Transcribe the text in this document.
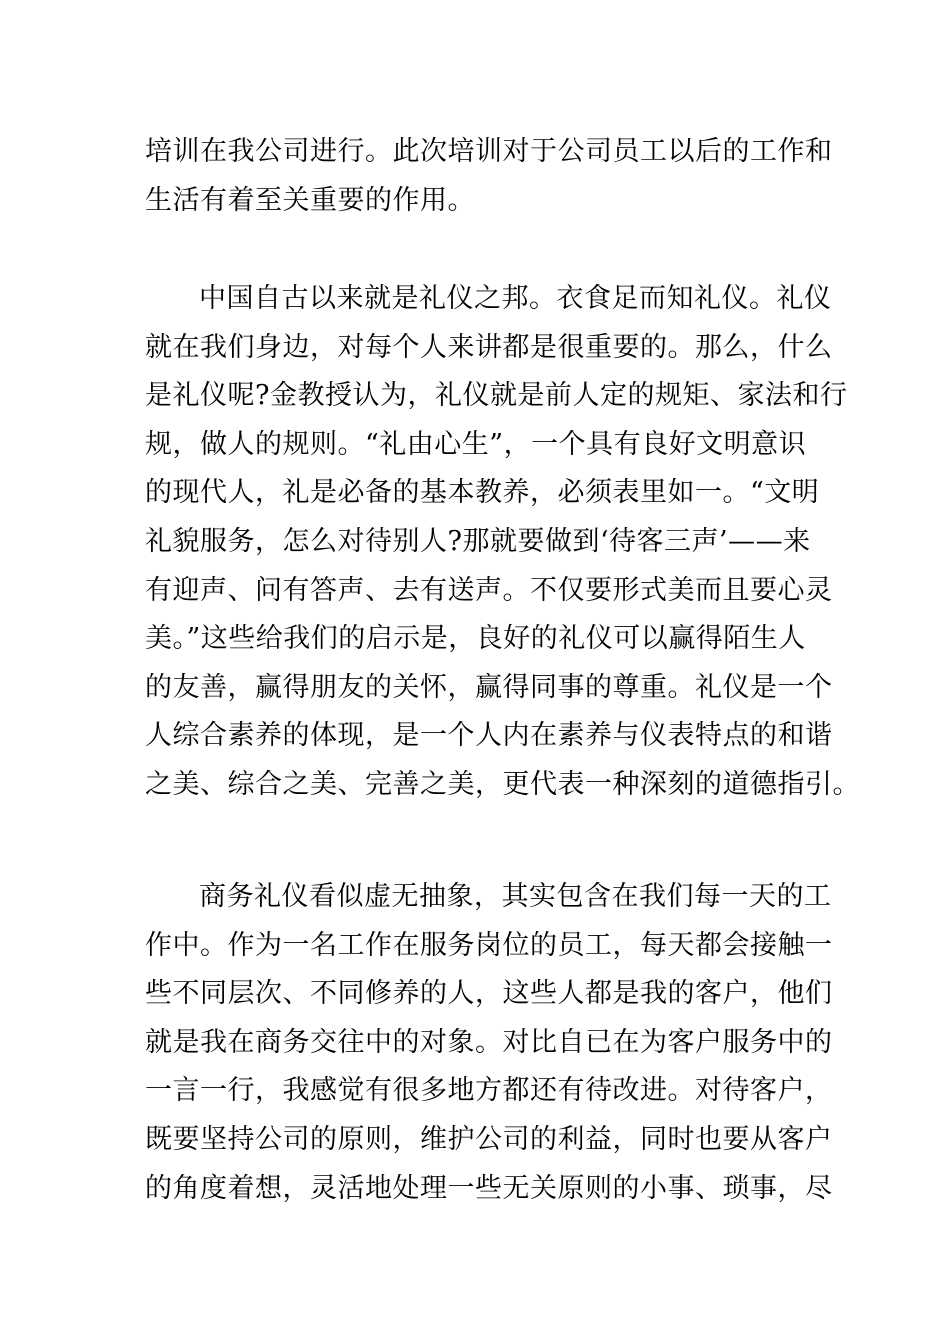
培训在我公司进行。此次培训对于公司员工以后的工作和
生活有着至关重要的作用。
中国自古以来就是礼仪之邦。衣食足而知礼仪。礼仪
就在我们身边，对每个人来讲都是很重要的。那么，什么
是礼仪呢?金教授认为，礼仪就是前人定的规矩、家法和行
规，做人的规则。“礼由心生”，一个具有良好文明意识
的现代人，礼是必备的基本教养，必须表里如一。“文明
礼貌服务，怎么对待别人?那就要做到‘待客三声’——来
有迎声、问有答声、去有送声。不仅要形式美而且要心灵
美。”这些给我们的启示是，良好的礼仪可以赢得陌生人
的友善，赢得朋友的关怀，赢得同事的尊重。礼仪是一个
人综合素养的体现，是一个人内在素养与仪表特点的和谐
之美、综合之美、完善之美，更代表一种深刻的道德指引。
商务礼仪看似虚无抽象，其实包含在我们每一天的工
作中。作为一名工作在服务岗位的员工，每天都会接触一
些不同层次、不同修养的人，这些人都是我的客户，他们
就是我在商务交往中的对象。对比自已在为客户服务中的
一言一行，我感觉有很多地方都还有待改进。对待客户，
既要坚持公司的原则，维护公司的利益，同时也要从客户
的角度着想，灵活地处理一些无关原则的小事、琐事，尽
